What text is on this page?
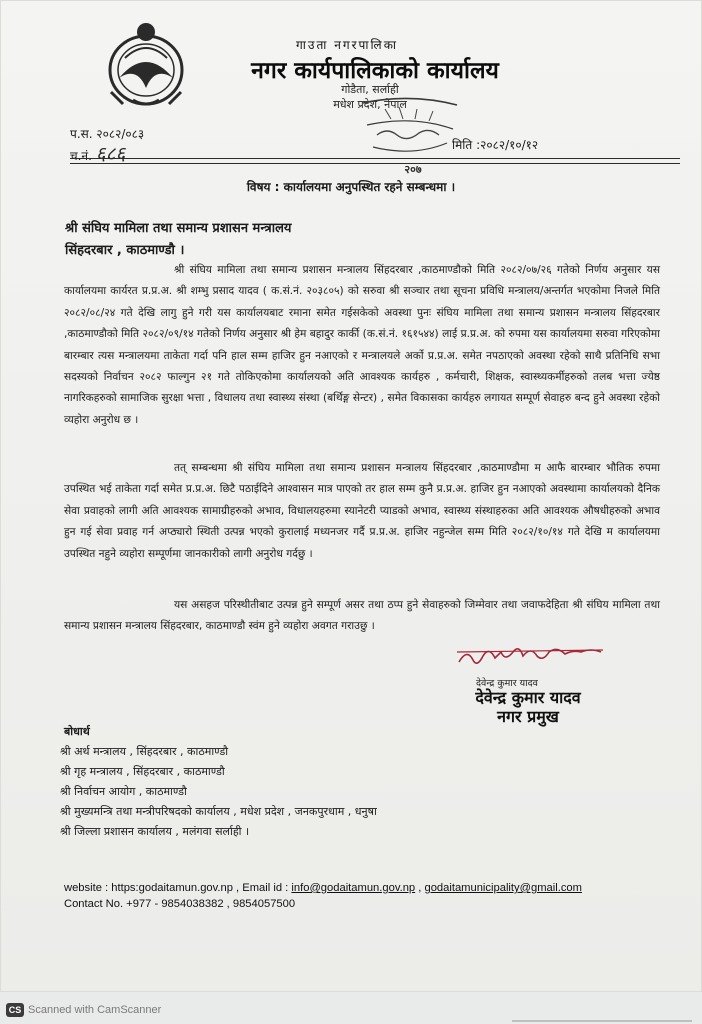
गाउता नगरपालिका
नगर कार्यपालिकाको कार्यालय
गोडैता, सर्लाही
मधेश प्रदेश, नेपाल
२०७
प.स. २०८२/०८३
च.नं. ६८६	मिति :२०८२/१०/१२
विषय : कार्यालयमा अनुपस्थित रहने सम्बन्धमा ।
श्री संघिय मामिला तथा समान्य प्रशासन मन्त्रालय
सिंहदरबार , काठमाण्डौ ।

श्री संघिय मामिला तथा समान्य प्रशासन मन्त्रालय सिंहदरबार ,काठमाण्डौको मिति २०८२/०७/२६ गतेको निर्णय अनुसार यस कार्यालयमा कार्यरत प्र.प्र.अ. श्री शम्भु प्रसाद यादव ( क.सं.नं. २०३८०५) को सरुवा श्री सञ्चार तथा सूचना प्रविधि मन्त्रालय/अन्तर्गत भएकोमा निजले मिति २०८२/०८/२४ गते देखि लागु हुने गरी यस कार्यालयबाट रमाना समेत गईसकेको अवस्था पुनः संघिय मामिला तथा समान्य प्रशासन मन्त्रालय सिंहदरबार ,काठमाण्डौको मिति २०८२/०९/१४ गतेको निर्णय अनुसार श्री हेम बहादुर कार्की (क.सं.नं. १६१५४४) लाई प्र.प्र.अ. को रुपमा यस कार्यालयमा सरुवा गरिएकोमा बारम्बार त्यस मन्त्रालयमा ताकेता गर्दा पनि हाल सम्म हाजिर हुन नआएको र मन्त्रालयले अर्को प्र.प्र.अ. समेत नपठाएको अवस्था रहेको साथै प्रतिनिधि सभा सदस्यको निर्वाचन २०८२ फाल्गुन २१ गते तोकिएकोमा कार्यालयको अति आवश्यक कार्यहरु , कर्मचारी, शिक्षक, स्वास्थ्यकर्मीहरुको तलब भत्ता ज्येष्ठ नागरिकहरुको सामाजिक सुरक्षा भत्ता , विधालय तथा स्वास्थ्य संस्था (बर्थिङ्ग सेन्टर) , समेत विकासका कार्यहरु लगायत सम्पूर्ण सेवाहरु बन्द हुने अवस्था रहेको व्यहोरा अनुरोध छ ।

तत् सम्बन्धमा श्री संघिय मामिला तथा समान्य प्रशासन मन्त्रालय सिंहदरबार ,काठमाण्डौमा म आफै बारम्बार भौतिक रुपमा उपस्थित भई ताकेता गर्दा समेत प्र.प्र.अ. छिटै पठाईदिने आश्वासन मात्र पाएको तर हाल सम्म कुनै प्र.प्र.अ. हाजिर हुन नआएको अवस्थामा कार्यालयको दैनिक सेवा प्रवाहको लागी अति आवश्यक सामाग्रीहरुको अभाव, विधालयहरुमा स्यानेटरी प्याडको अभाव, स्वास्थ्य संस्थाहरुका अति आवश्यक औषधीहरुको अभाव हुन गई सेवा प्रवाह गर्न अप्ठ्यारो स्थिती उत्पन्न भएको कुरालाई मध्यनजर गर्दै प्र.प्र.अ. हाजिर नहुन्जेल सम्म मिति २०८२/१०/१४ गते देखि म कार्यालयमा उपस्थित नहुने व्यहोरा सम्पूर्णमा जानकारीको लागी अनुरोध गर्दछु ।

यस असहज परिस्थीतीबाट उत्पन्न हुने सम्पूर्ण असर तथा ठप्प हुने सेवाहरुको जिम्मेवार तथा जवाफदेहिता श्री संघिय मामिला तथा समान्य प्रशासन मन्त्रालय सिंहदरबार, काठमाण्डौ स्वंम हुने व्यहोरा अवगत गराउछु ।

देवेन्द्र कुमार यादव
देवेन्द्र कुमार यादव
नगर प्रमुख
बोधार्थ
श्री अर्थ मन्त्रालय , सिंहदरबार , काठमाण्डौ
श्री गृह मन्त्रालय , सिंहदरबार , काठमाण्डौ
श्री निर्वाचन आयोग , काठमाण्डौ
श्री मुख्यमन्त्रि तथा मन्त्रीपरिषदको कार्यालय , मधेश प्रदेश , जनकपुरधाम , धनुषा
श्री जिल्ला प्रशासन कार्यालय , मलंगवा सर्लाही ।
website : https:godaitamun.gov.np , Email id : info@godaitamun.gov.np , godaitamunicipality@gmail.com
Contact No. +977 - 9854038382 , 9854057500
CS Scanned with CamScanner
